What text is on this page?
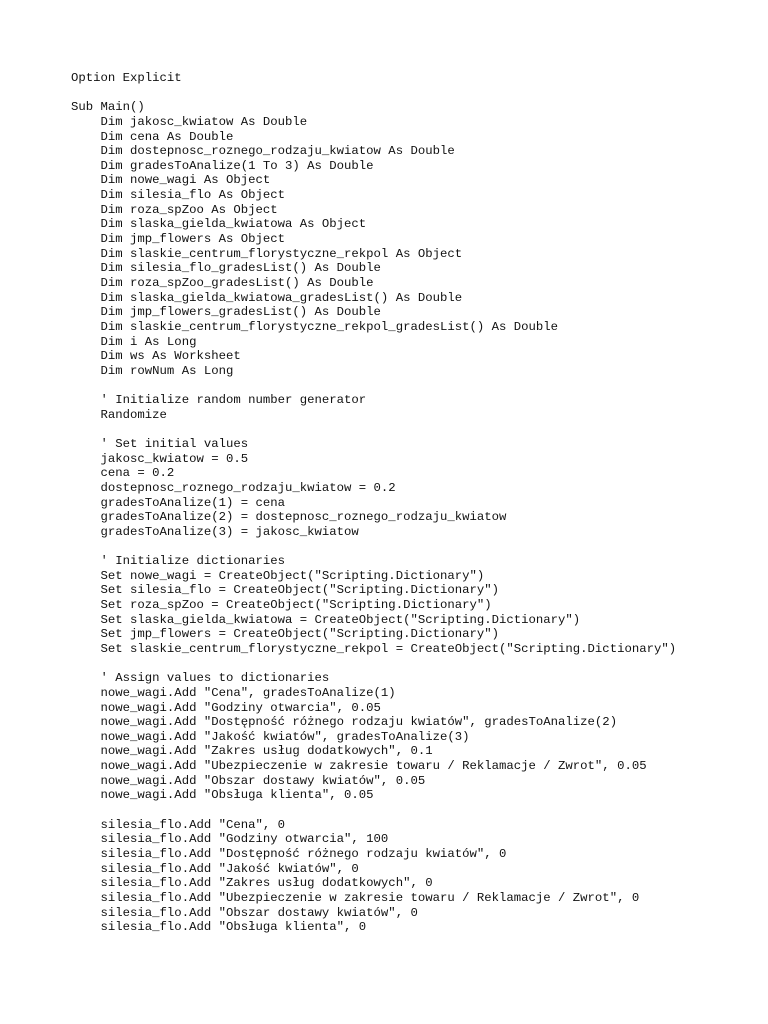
Option Explicit
Sub Main()
Dim jakosc_kwiatow As Double
Dim cena As Double
Dim dostepnosc_roznego_rodzaju_kwiatow As Double
Dim gradesToAnalize(1 To 3) As Double
Dim nowe_wagi As Object
Dim silesia_flo As Object
Dim roza_spZoo As Object
Dim slaska_gielda_kwiatowa As Object
Dim jmp_flowers As Object
Dim slaskie_centrum_florystyczne_rekpol As Object
Dim silesia_flo_gradesList() As Double
Dim roza_spZoo_gradesList() As Double
Dim slaska_gielda_kwiatowa_gradesList() As Double
Dim jmp_flowers_gradesList() As Double
Dim slaskie_centrum_florystyczne_rekpol_gradesList() As Double
Dim i As Long
Dim ws As Worksheet
Dim rowNum As Long
' Initialize random number generator
Randomize
' Set initial values
jakosc_kwiatow = 0.5
cena = 0.2
dostepnosc_roznego_rodzaju_kwiatow = 0.2
gradesToAnalize(1) = cena
gradesToAnalize(2) = dostepnosc_roznego_rodzaju_kwiatow
gradesToAnalize(3) = jakosc_kwiatow
' Initialize dictionaries
Set nowe_wagi = CreateObject("Scripting.Dictionary")
Set silesia_flo = CreateObject("Scripting.Dictionary")
Set roza_spZoo = CreateObject("Scripting.Dictionary")
Set slaska_gielda_kwiatowa = CreateObject("Scripting.Dictionary")
Set jmp_flowers = CreateObject("Scripting.Dictionary")
Set slaskie_centrum_florystyczne_rekpol = CreateObject("Scripting.Dictionary")
' Assign values to dictionaries
nowe_wagi.Add "Cena", gradesToAnalize(1)
nowe_wagi.Add "Godziny otwarcia", 0.05
nowe_wagi.Add "Dostępność różnego rodzaju kwiatów", gradesToAnalize(2)
nowe_wagi.Add "Jakość kwiatów", gradesToAnalize(3)
nowe_wagi.Add "Zakres usług dodatkowych", 0.1
nowe_wagi.Add "Ubezpieczenie w zakresie towaru / Reklamacje / Zwrot", 0.05
nowe_wagi.Add "Obszar dostawy kwiatów", 0.05
nowe_wagi.Add "Obsługa klienta", 0.05
silesia_flo.Add "Cena", 0
silesia_flo.Add "Godziny otwarcia", 100
silesia_flo.Add "Dostępność różnego rodzaju kwiatów", 0
silesia_flo.Add "Jakość kwiatów", 0
silesia_flo.Add "Zakres usług dodatkowych", 0
silesia_flo.Add "Ubezpieczenie w zakresie towaru / Reklamacje / Zwrot", 0
silesia_flo.Add "Obszar dostawy kwiatów", 0
silesia_flo.Add "Obsługa klienta", 0
